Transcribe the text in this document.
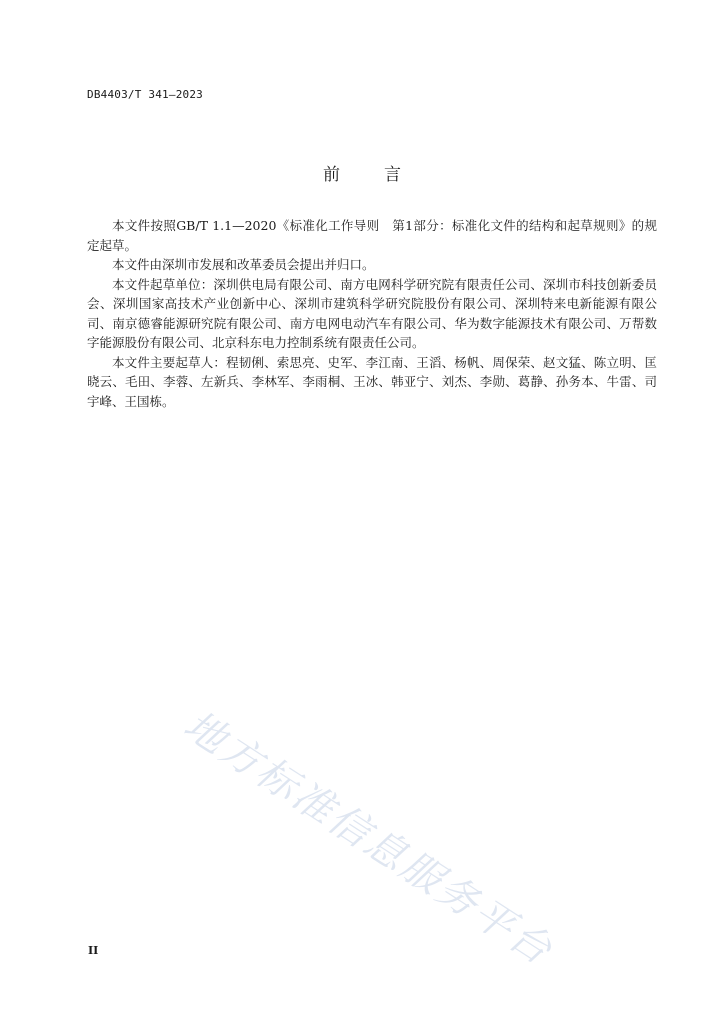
DB4403/T 341—2023
前	言

本文件按照GB/T 1.1—2020《标准化工作导则　第1部分：标准化文件的结构和起草规则》的规定起草。

本文件由深圳市发展和改革委员会提出并归口。

本文件起草单位：深圳供电局有限公司、南方电网科学研究院有限责任公司、深圳市科技创新委员会、深圳国家高技术产业创新中心、深圳市建筑科学研究院股份有限公司、深圳特来电新能源有限公司、南京德睿能源研究院有限公司、南方电网电动汽车有限公司、华为数字能源技术有限公司、万帮数字能源股份有限公司、北京科东电力控制系统有限责任公司。

本文件主要起草人：程韧俐、索思亮、史军、李江南、王滔、杨帆、周保荣、赵文猛、陈立明、匡晓云、毛田、李蓉、左新兵、李林军、李雨桐、王冰、韩亚宁、刘杰、李勋、葛静、孙务本、牛雷、司宇峰、王国栋。

地方标准信息服务平台
II
